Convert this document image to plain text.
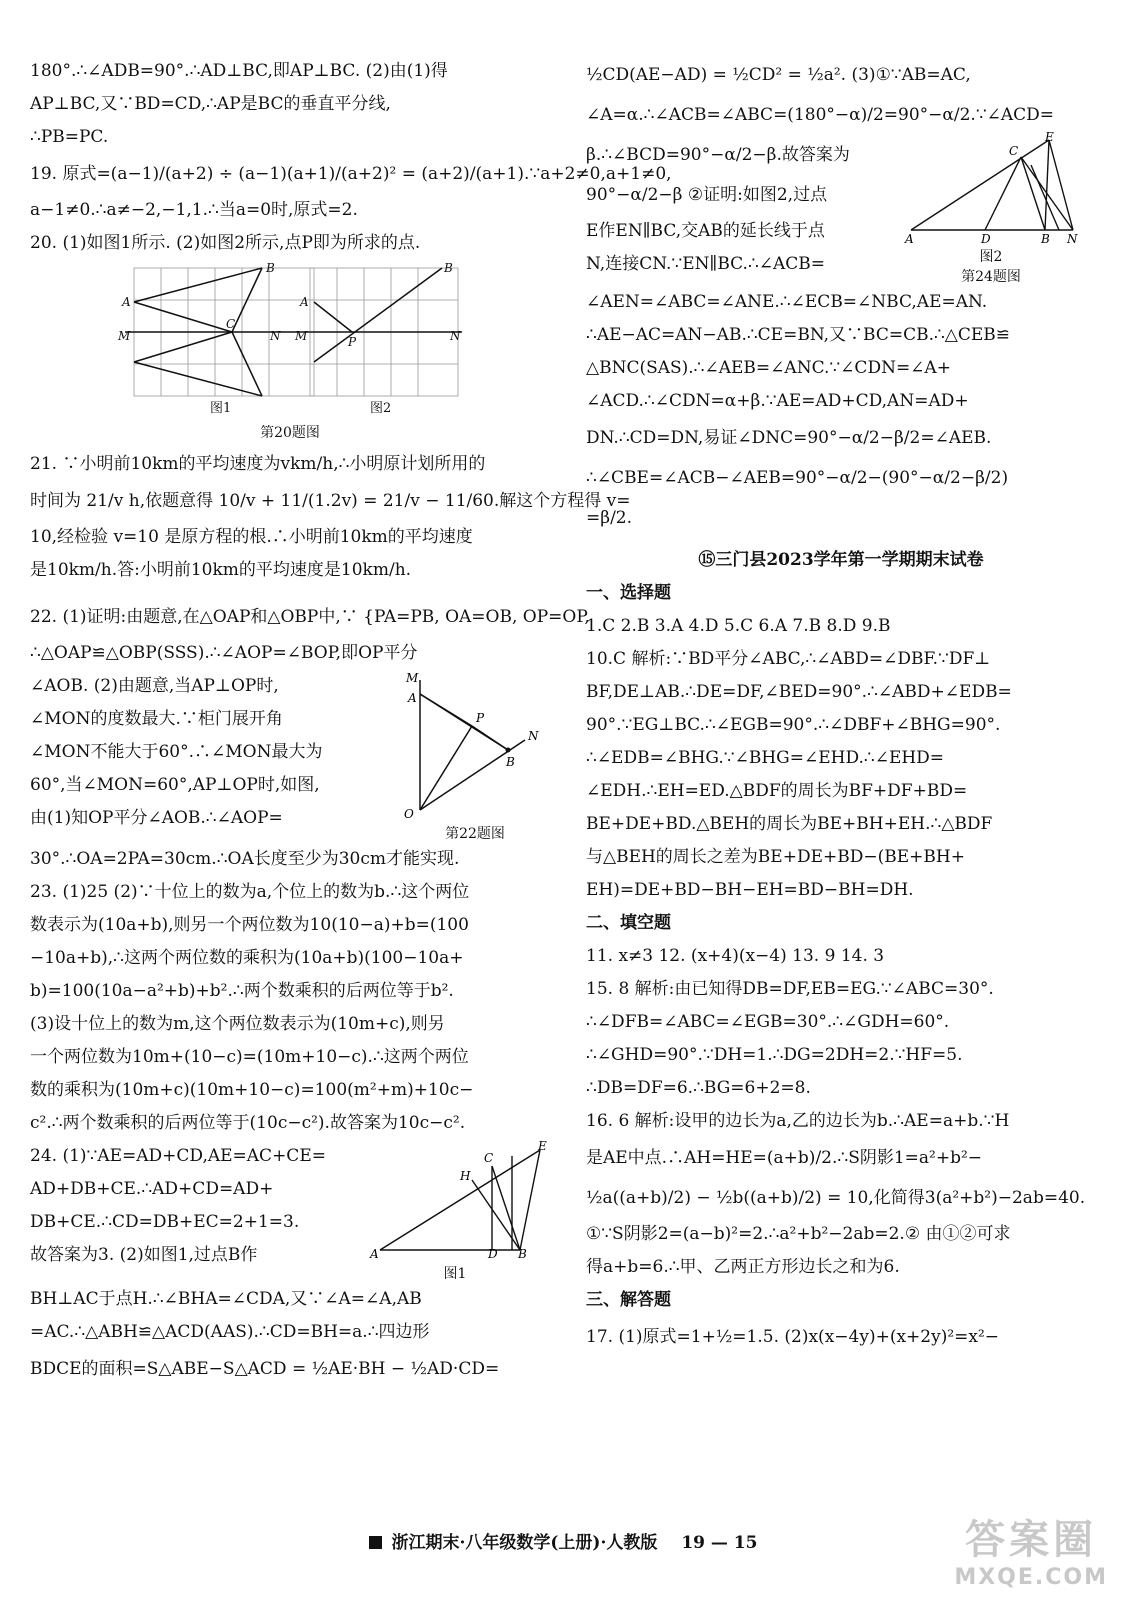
180°.∴∠ADB=90°.∴AD⊥BC,即AP⊥BC. (2)由(1)得
AP⊥BC,又∵BD=CD,∴AP是BC的垂直平分线,
∴PB=PC.
19. 原式=(a−1)/(a+2) ÷ (a−1)(a+1)/(a+2)² = (a+2)/(a+1).∵a+2≠0,a+1≠0,
a−1≠0.∴a≠−2,−1,1.∴当a=0时,原式=2.
20. (1)如图1所示. (2)如图2所示,点P即为所求的点.
A
B
M
C
N
A
B
M	P	N
图1	图2
第20题图
21. ∵小明前10km的平均速度为vkm/h,∴小明原计划所用的
时间为 21/v h,依题意得 10/v + 11/(1.2v) = 21/v − 11/60.解这个方程得 v=
10,经检验 v=10 是原方程的根.∴小明前10km的平均速度
是10km/h.答:小明前10km的平均速度是10km/h.
22. (1)证明:由题意,在△OAP和△OBP中,∵ {PA=PB, OA=OB, OP=OP,
∴△OAP≌△OBP(SSS).∴∠AOP=∠BOP,即OP平分
∠AOB. (2)由题意,当AP⊥OP时,
∠MON的度数最大.∵柜门展开角
∠MON不能大于60°.∴∠MON最大为
60°,当∠MON=60°,AP⊥OP时,如图,
由(1)知OP平分∠AOB.∴∠AOP=
M
A
P
N
B
O
第22题图
30°.∴OA=2PA=30cm.∴OA长度至少为30cm才能实现.
23. (1)25 (2)∵十位上的数为a,个位上的数为b.∴这个两位
数表示为(10a+b),则另一个两位数为10(10−a)+b=(100
−10a+b),∴这两个两位数的乘积为(10a+b)(100−10a+
b)=100(10a−a²+b)+b².∴两个数乘积的后两位等于b².
(3)设十位上的数为m,这个两位数表示为(10m+c),则另
一个两位数为10m+(10−c)=(10m+10−c).∴这两个两位
数的乘积为(10m+c)(10m+10−c)=100(m²+m)+10c−
c².∴两个数乘积的后两位等于(10c−c²).故答案为10c−c².
24. (1)∵AE=AD+CD,AE=AC+CE=
AD+DB+CE.∴AD+CD=AD+
DB+CE.∴CD=DB+EC=2+1=3.
故答案为3. (2)如图1,过点B作
E
C
H
A	D B
图1
BH⊥AC于点H.∴∠BHA=∠CDA,又∵∠A=∠A,AB
=AC.∴△ABH≌△ACD(AAS).∴CD=BH=a.∴四边形
BDCE的面积=S△ABE−S△ACD = ½AE·BH − ½AD·CD=
½CD(AE−AD) = ½CD² = ½a². (3)①∵AB=AC,
∠A=α.∴∠ACB=∠ABC=(180°−α)/2=90°−α/2.∵∠ACD=
β.∴∠BCD=90°−α/2−β.故答案为
90°−α/2−β ②证明:如图2,过点
E作EN∥BC,交AB的延长线于点
N,连接CN.∵EN∥BC.∴∠ACB=
E
C
A	D	B N
图2
第24题图
∠AEN=∠ABC=∠ANE.∴∠ECB=∠NBC,AE=AN.
∴AE−AC=AN−AB.∴CE=BN,又∵BC=CB.∴△CEB≌
△BNC(SAS).∴∠AEB=∠ANC.∵∠CDN=∠A+
∠ACD.∴∠CDN=α+β.∵AE=AD+CD,AN=AD+
DN.∴CD=DN,易证∠DNC=90°−α/2−β/2=∠AEB.
∴∠CBE=∠ACB−∠AEB=90°−α/2−(90°−α/2−β/2)
=β/2.
⑮三门县2023学年第一学期期末试卷
一、选择题
1.C 2.B 3.A 4.D 5.C 6.A 7.B 8.D 9.B
10.C 解析:∵BD平分∠ABC,∴∠ABD=∠DBF.∵DF⊥
BF,DE⊥AB.∴DE=DF,∠BED=90°.∴∠ABD+∠EDB=
90°.∵EG⊥BC.∴∠EGB=90°.∴∠DBF+∠BHG=90°.
∴∠EDB=∠BHG.∵∠BHG=∠EHD.∴∠EHD=
∠EDH.∴EH=ED.△BDF的周长为BF+DF+BD=
BE+DE+BD.△BEH的周长为BE+BH+EH.∴△BDF
与△BEH的周长之差为BE+DE+BD−(BE+BH+
EH)=DE+BD−BH−EH=BD−BH=DH.
二、填空题
11. x≠3 12. (x+4)(x−4) 13. 9 14. 3
15. 8 解析:由已知得DB=DF,EB=EG.∵∠ABC=30°.
∴∠DFB=∠ABC=∠EGB=30°.∴∠GDH=60°.
∴∠GHD=90°.∵DH=1.∴DG=2DH=2.∵HF=5.
∴DB=DF=6.∴BG=6+2=8.
16. 6 解析:设甲的边长为a,乙的边长为b.∴AE=a+b.∵H
是AE中点.∴AH=HE=(a+b)/2.∴S阴影1=a²+b²−
½a((a+b)/2) − ½b((a+b)/2) = 10,化简得3(a²+b²)−2ab=40.
①∵S阴影2=(a−b)²=2.∴a²+b²−2ab=2.② 由①②可求
得a+b=6.∴甲、乙两正方形边长之和为6.
三、解答题
17. (1)原式=1+½=1.5. (2)x(x−4y)+(x+2y)²=x²−
浙江期末·八年级数学(上册)·人教版 19 — 15	答案圈
MXQE.COM
